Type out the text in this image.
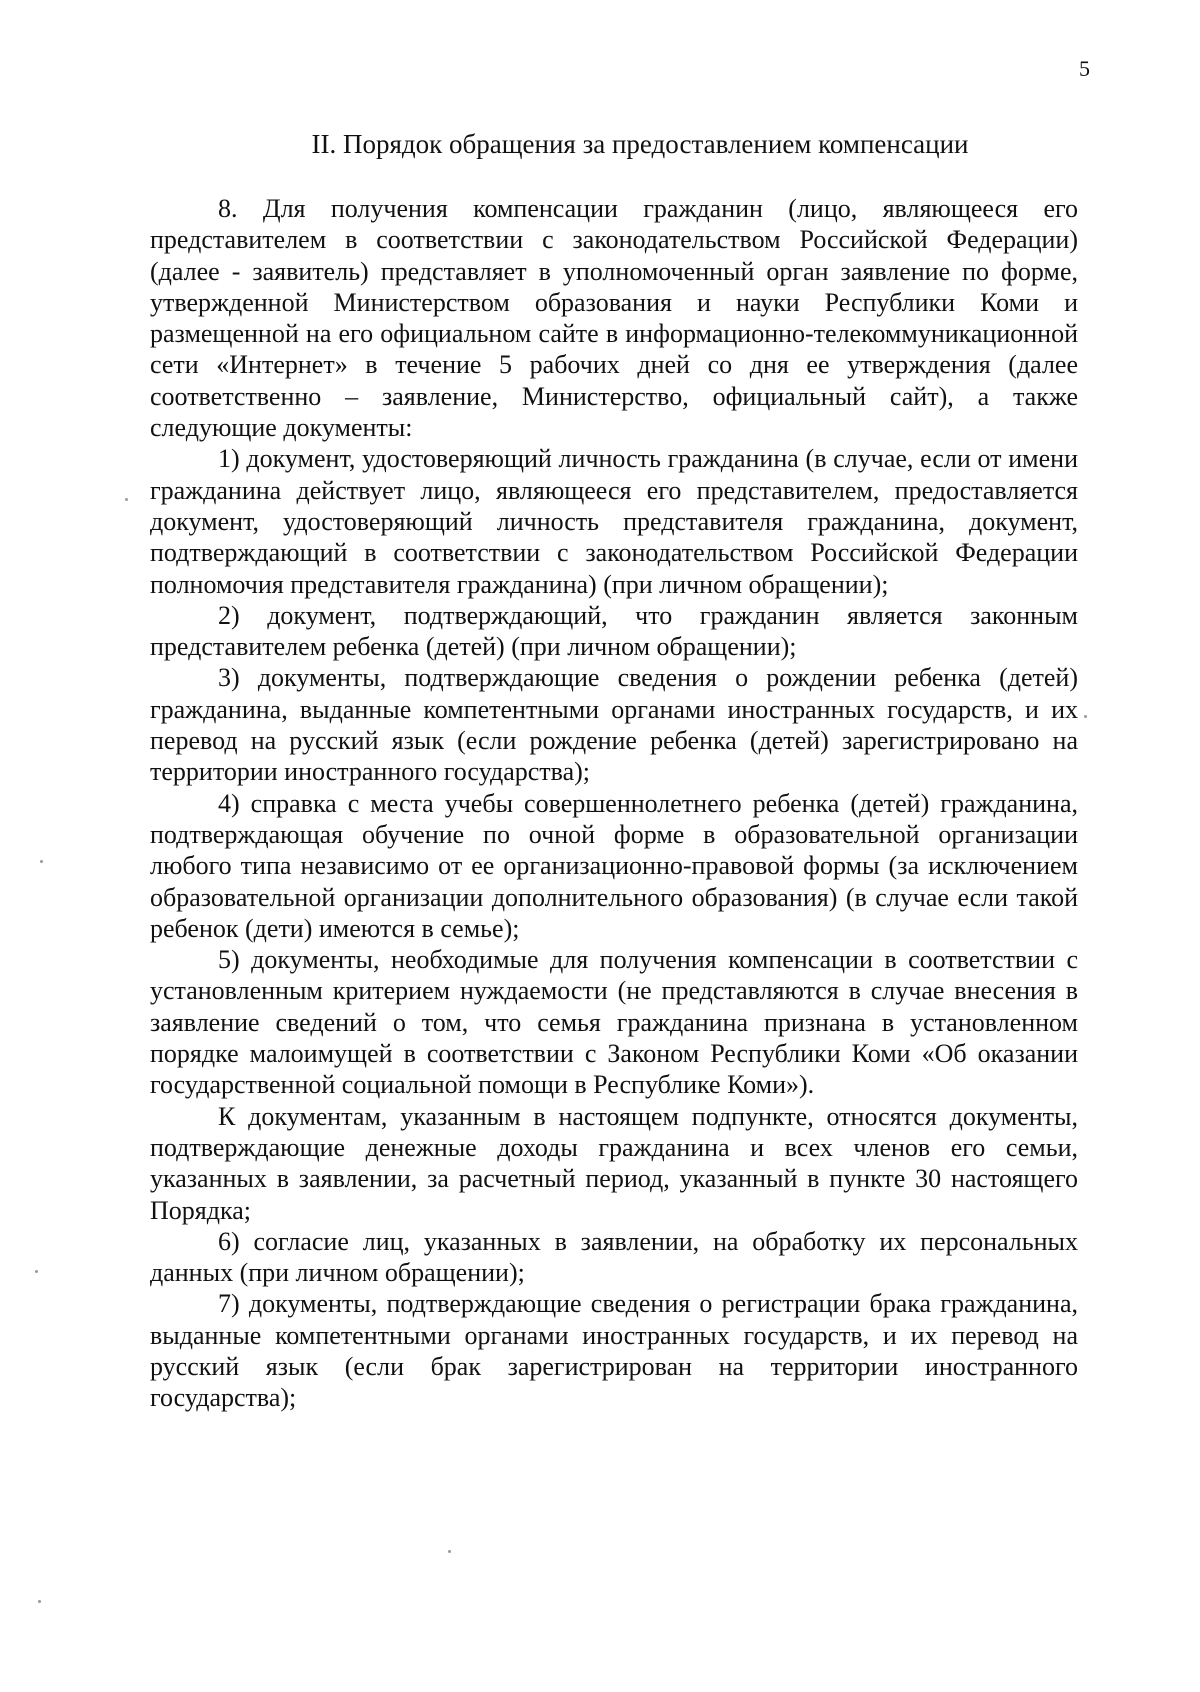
5
II. Порядок обращения за предоставлением компенсации

8. Для получения компенсации гражданин (лицо, являющееся его представителем в соответствии с законодательством Российской Федерации) (далее - заявитель) представляет в уполномоченный орган заявление по форме, утвержденной Министерством образования и науки Республики Коми и размещенной на его официальном сайте в информационно-телекоммуникационной сети «Интернет» в течение 5 рабочих дней со дня ее утверждения (далее соответственно – заявление, Министерство, официальный сайт), а также следующие документы:

1) документ, удостоверяющий личность гражданина (в случае, если от имени гражданина действует лицо, являющееся его представителем, предоставляется документ, удостоверяющий личность представителя гражданина, документ, подтверждающий в соответствии с законодательством Российской Федерации полномочия представителя гражданина) (при личном обращении);

2) документ, подтверждающий, что гражданин является законным представителем ребенка (детей) (при личном обращении);

3) документы, подтверждающие сведения о рождении ребенка (детей) гражданина, выданные компетентными органами иностранных государств, и их перевод на русский язык (если рождение ребенка (детей) зарегистрировано на территории иностранного государства);

4) справка с места учебы совершеннолетнего ребенка (детей) гражданина, подтверждающая обучение по очной форме в образовательной организации любого типа независимо от ее организационно-правовой формы (за исключением образовательной организации дополнительного образования) (в случае если такой ребенок (дети) имеются в семье);

5) документы, необходимые для получения компенсации в соответствии с установленным критерием нуждаемости (не представляются в случае внесения в заявление сведений о том, что семья гражданина признана в установленном порядке малоимущей в соответствии с Законом Республики Коми «Об оказании государственной социальной помощи в Республике Коми»).

К документам, указанным в настоящем подпункте, относятся документы, подтверждающие денежные доходы гражданина и всех членов его семьи, указанных в заявлении, за расчетный период, указанный в пункте 30 настоящего Порядка;

6) согласие лиц, указанных в заявлении, на обработку их персональных данных (при личном обращении);

7) документы, подтверждающие сведения о регистрации брака гражданина, выданные компетентными органами иностранных государств, и их перевод на русский язык (если брак зарегистрирован на территории иностранного государства);
